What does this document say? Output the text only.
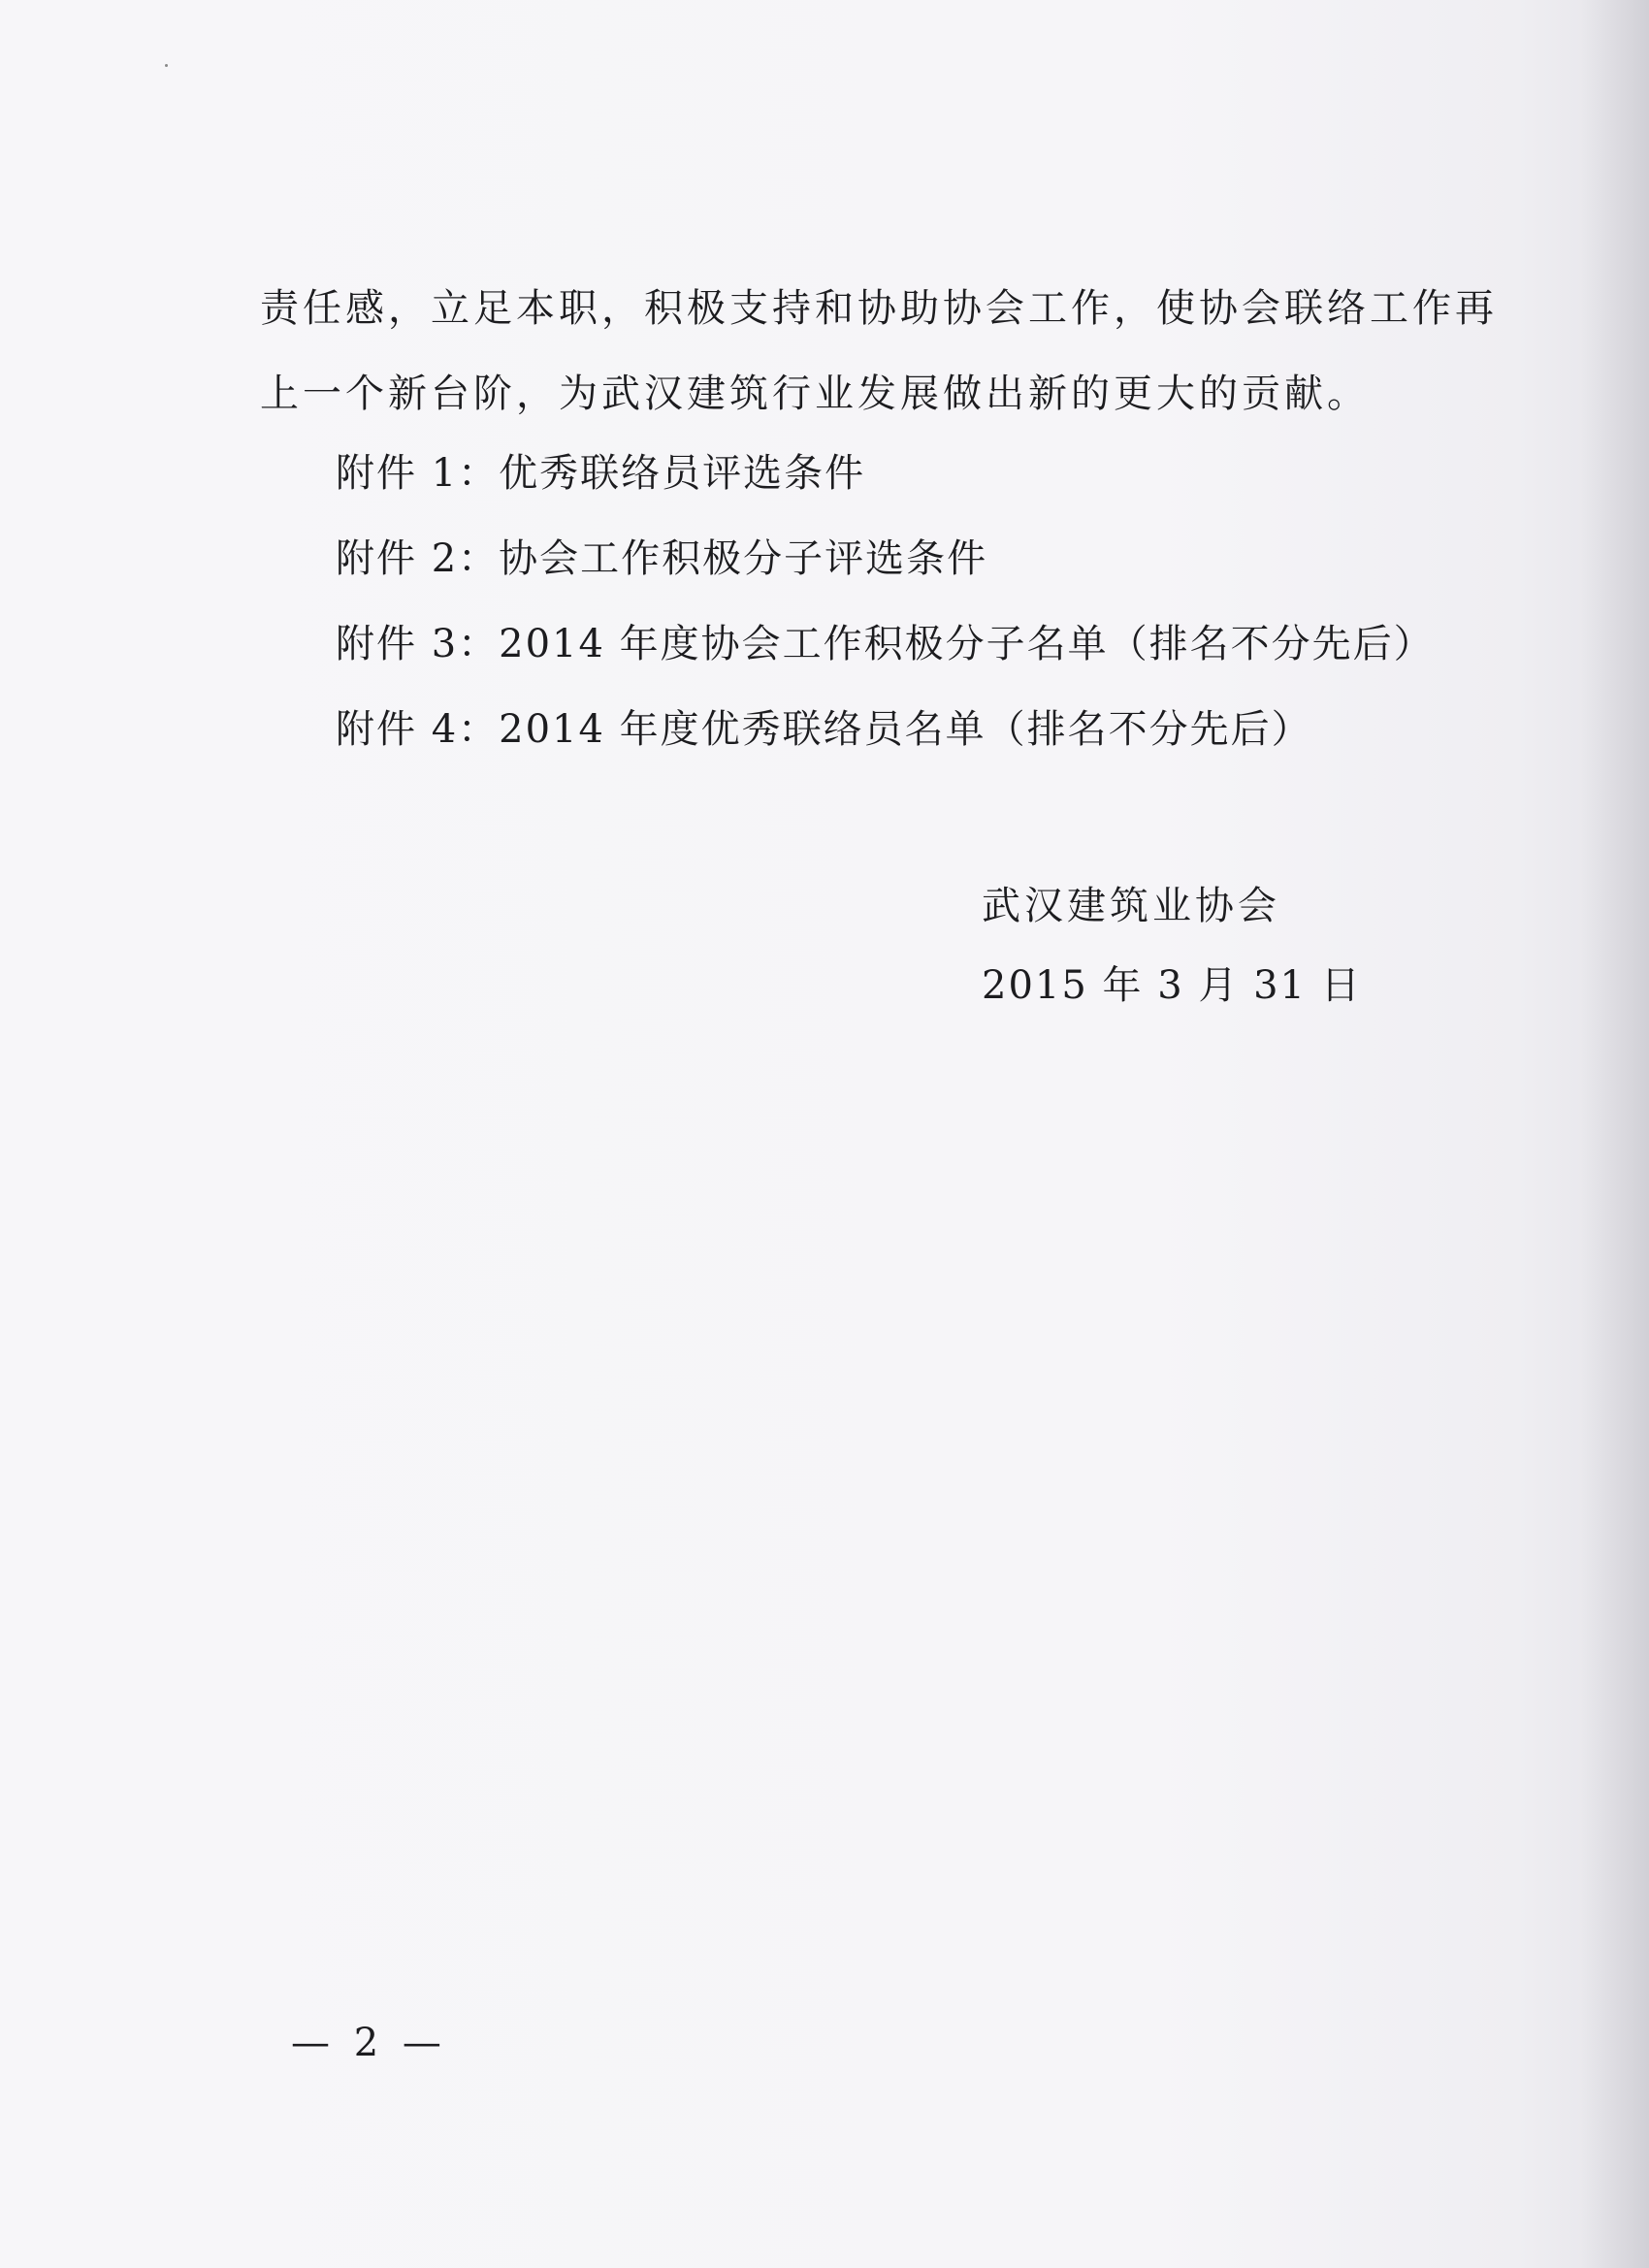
责任感，立足本职，积极支持和协助协会工作，使协会联络工作再
上一个新台阶，为武汉建筑行业发展做出新的更大的贡献。
附件 1：优秀联络员评选条件
附件 2：协会工作积极分子评选条件
附件 3：2014 年度协会工作积极分子名单（排名不分先后）
附件 4：2014 年度优秀联络员名单（排名不分先后）
武汉建筑业协会
2015 年 3 月 31 日
— 2 —
